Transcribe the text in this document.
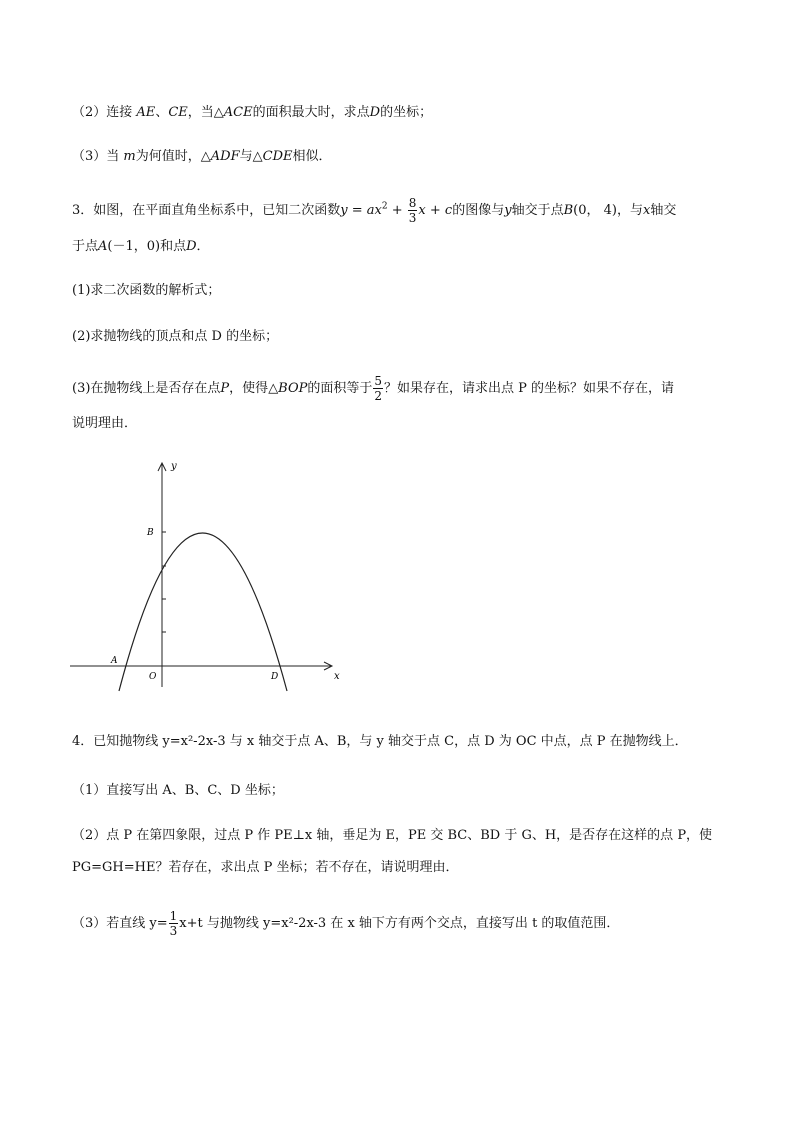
（2）连接 AE、CE，当△ACE的面积最大时，求点D的坐标；
（3）当 m为何值时，△ADF与△CDE相似．
3．如图，在平面直角坐标系中，已知二次函数$y = ax^2 + \frac{8}{3}$ x + c的图像与y轴交于点B(0， 4)，与x轴交
于点A(－1，0)和点D．
(1)求二次函数的解析式；
(2)求抛物线的顶点和点 D 的坐标；
(3)在抛物线上是否存在点P，使得△BOP的面积等于 $\frac{5}{2}$ ？如果存在，请求出点 P 的坐标？如果不存在，请
说明理由．
y
x
B
A
O	D
4．已知抛物线 y=x²-2x-3 与 x 轴交于点 A、B，与 y 轴交于点 C，点 D 为 OC 中点，点 P 在抛物线上．
（1）直接写出 A、B、C、D 坐标；
（2）点 P 在第四象限，过点 P 作 PE⊥x 轴，垂足为 E，PE 交 BC、BD 于 G、H，是否存在这样的点 P，使
PG=GH=HE？若存在，求出点 P 坐标；若不存在，请说明理由．
（3）若直线 $y= \frac{1}{3} x+t$ 与抛物线 y=x²-2x-3 在 x 轴下方有两个交点，直接写出 t 的取值范围．
